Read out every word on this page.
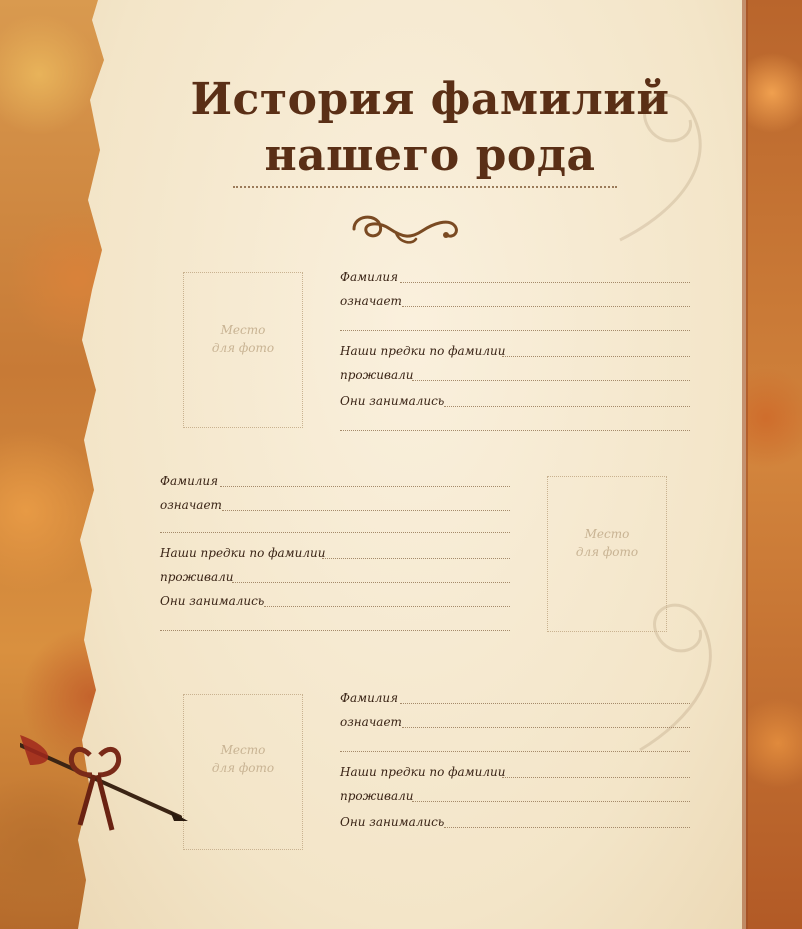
История фамилий
нашего рода
Место
для фото
Фамилия
означает
Наши предки по фамилии
проживали
Они занимались
Фамилия
означает
Наши предки по фамилии
проживали
Они занимались
Место
для фото
Место
для фото
Фамилия
означает
Наши предки по фамилии
проживали
Они занимались
